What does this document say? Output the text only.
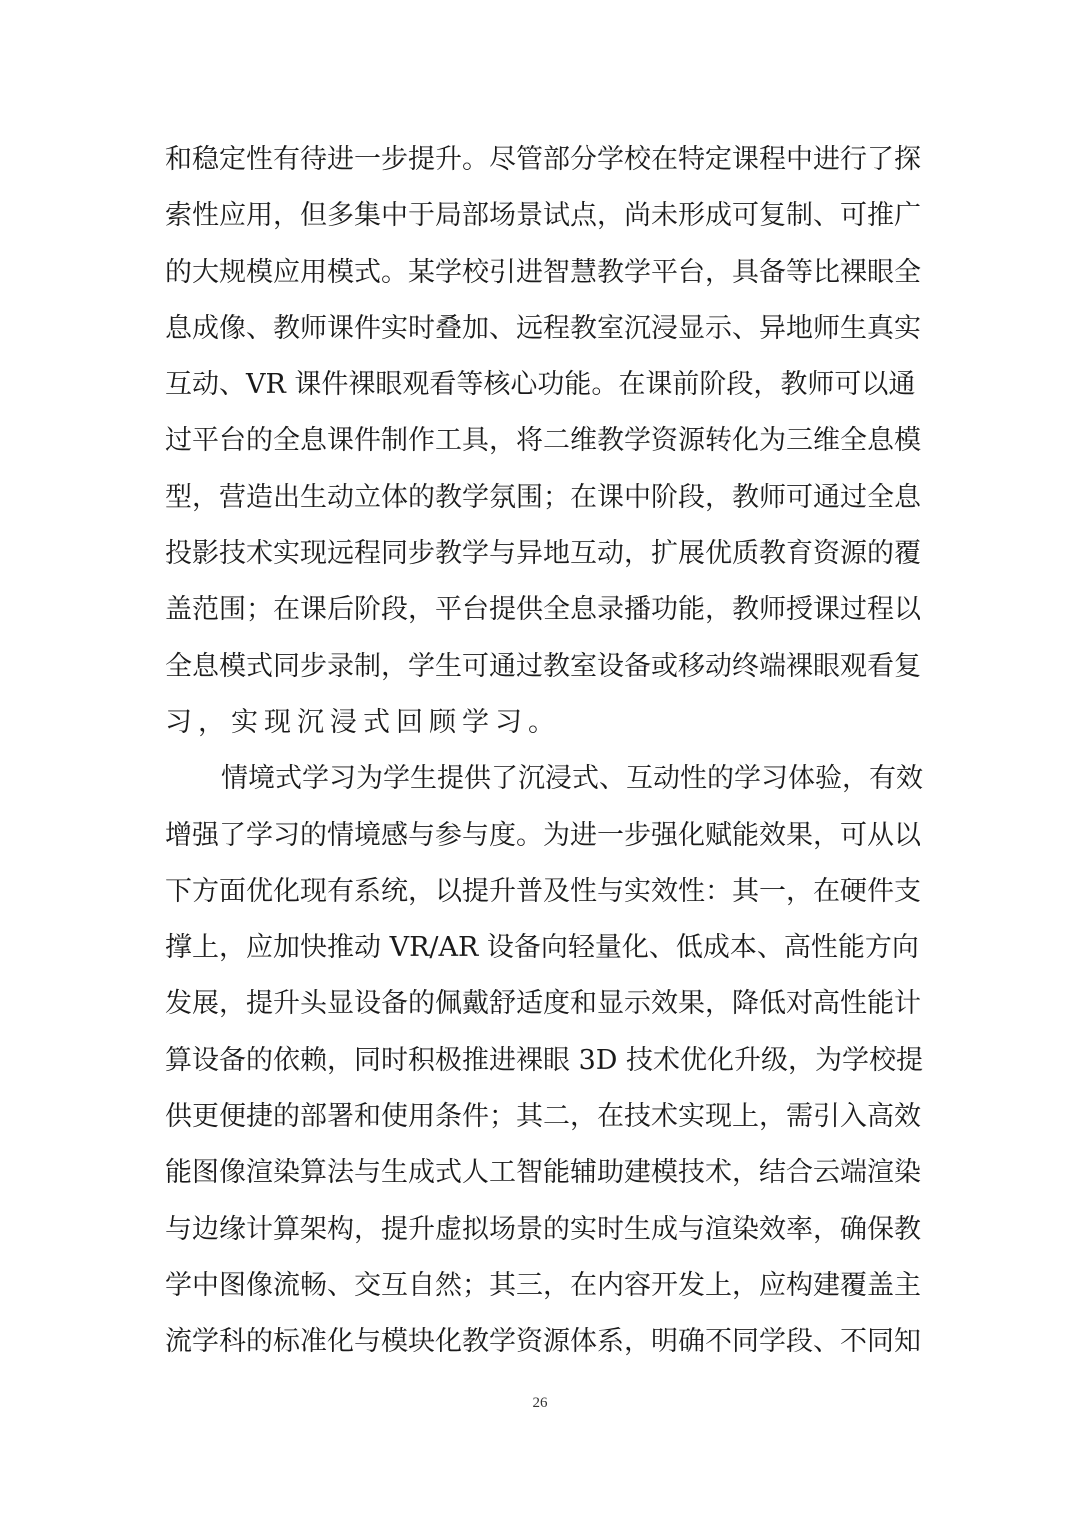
和稳定性有待进一步提升。尽管部分学校在特定课程中进行了探
索性应用，但多集中于局部场景试点，尚未形成可复制、可推广
的大规模应用模式。某学校引进智慧教学平台，具备等比裸眼全
息成像、教师课件实时叠加、远程教室沉浸显示、异地师生真实
互动、VR 课件裸眼观看等核心功能。在课前阶段，教师可以通
过平台的全息课件制作工具，将二维教学资源转化为三维全息模
型，营造出生动立体的教学氛围；在课中阶段，教师可通过全息
投影技术实现远程同步教学与异地互动，扩展优质教育资源的覆
盖范围；在课后阶段，平台提供全息录播功能，教师授课过程以
全息模式同步录制，学生可通过教室设备或移动终端裸眼观看复
习，实现沉浸式回顾学习。
情境式学习为学生提供了沉浸式、互动性的学习体验，有效
增强了学习的情境感与参与度。为进一步强化赋能效果，可从以
下方面优化现有系统，以提升普及性与实效性：其一，在硬件支
撑上，应加快推动 VR/AR 设备向轻量化、低成本、高性能方向
发展，提升头显设备的佩戴舒适度和显示效果，降低对高性能计
算设备的依赖，同时积极推进裸眼 3D 技术优化升级，为学校提
供更便捷的部署和使用条件；其二，在技术实现上，需引入高效
能图像渲染算法与生成式人工智能辅助建模技术，结合云端渲染
与边缘计算架构，提升虚拟场景的实时生成与渲染效率，确保教
学中图像流畅、交互自然；其三，在内容开发上，应构建覆盖主
流学科的标准化与模块化教学资源体系，明确不同学段、不同知
26
